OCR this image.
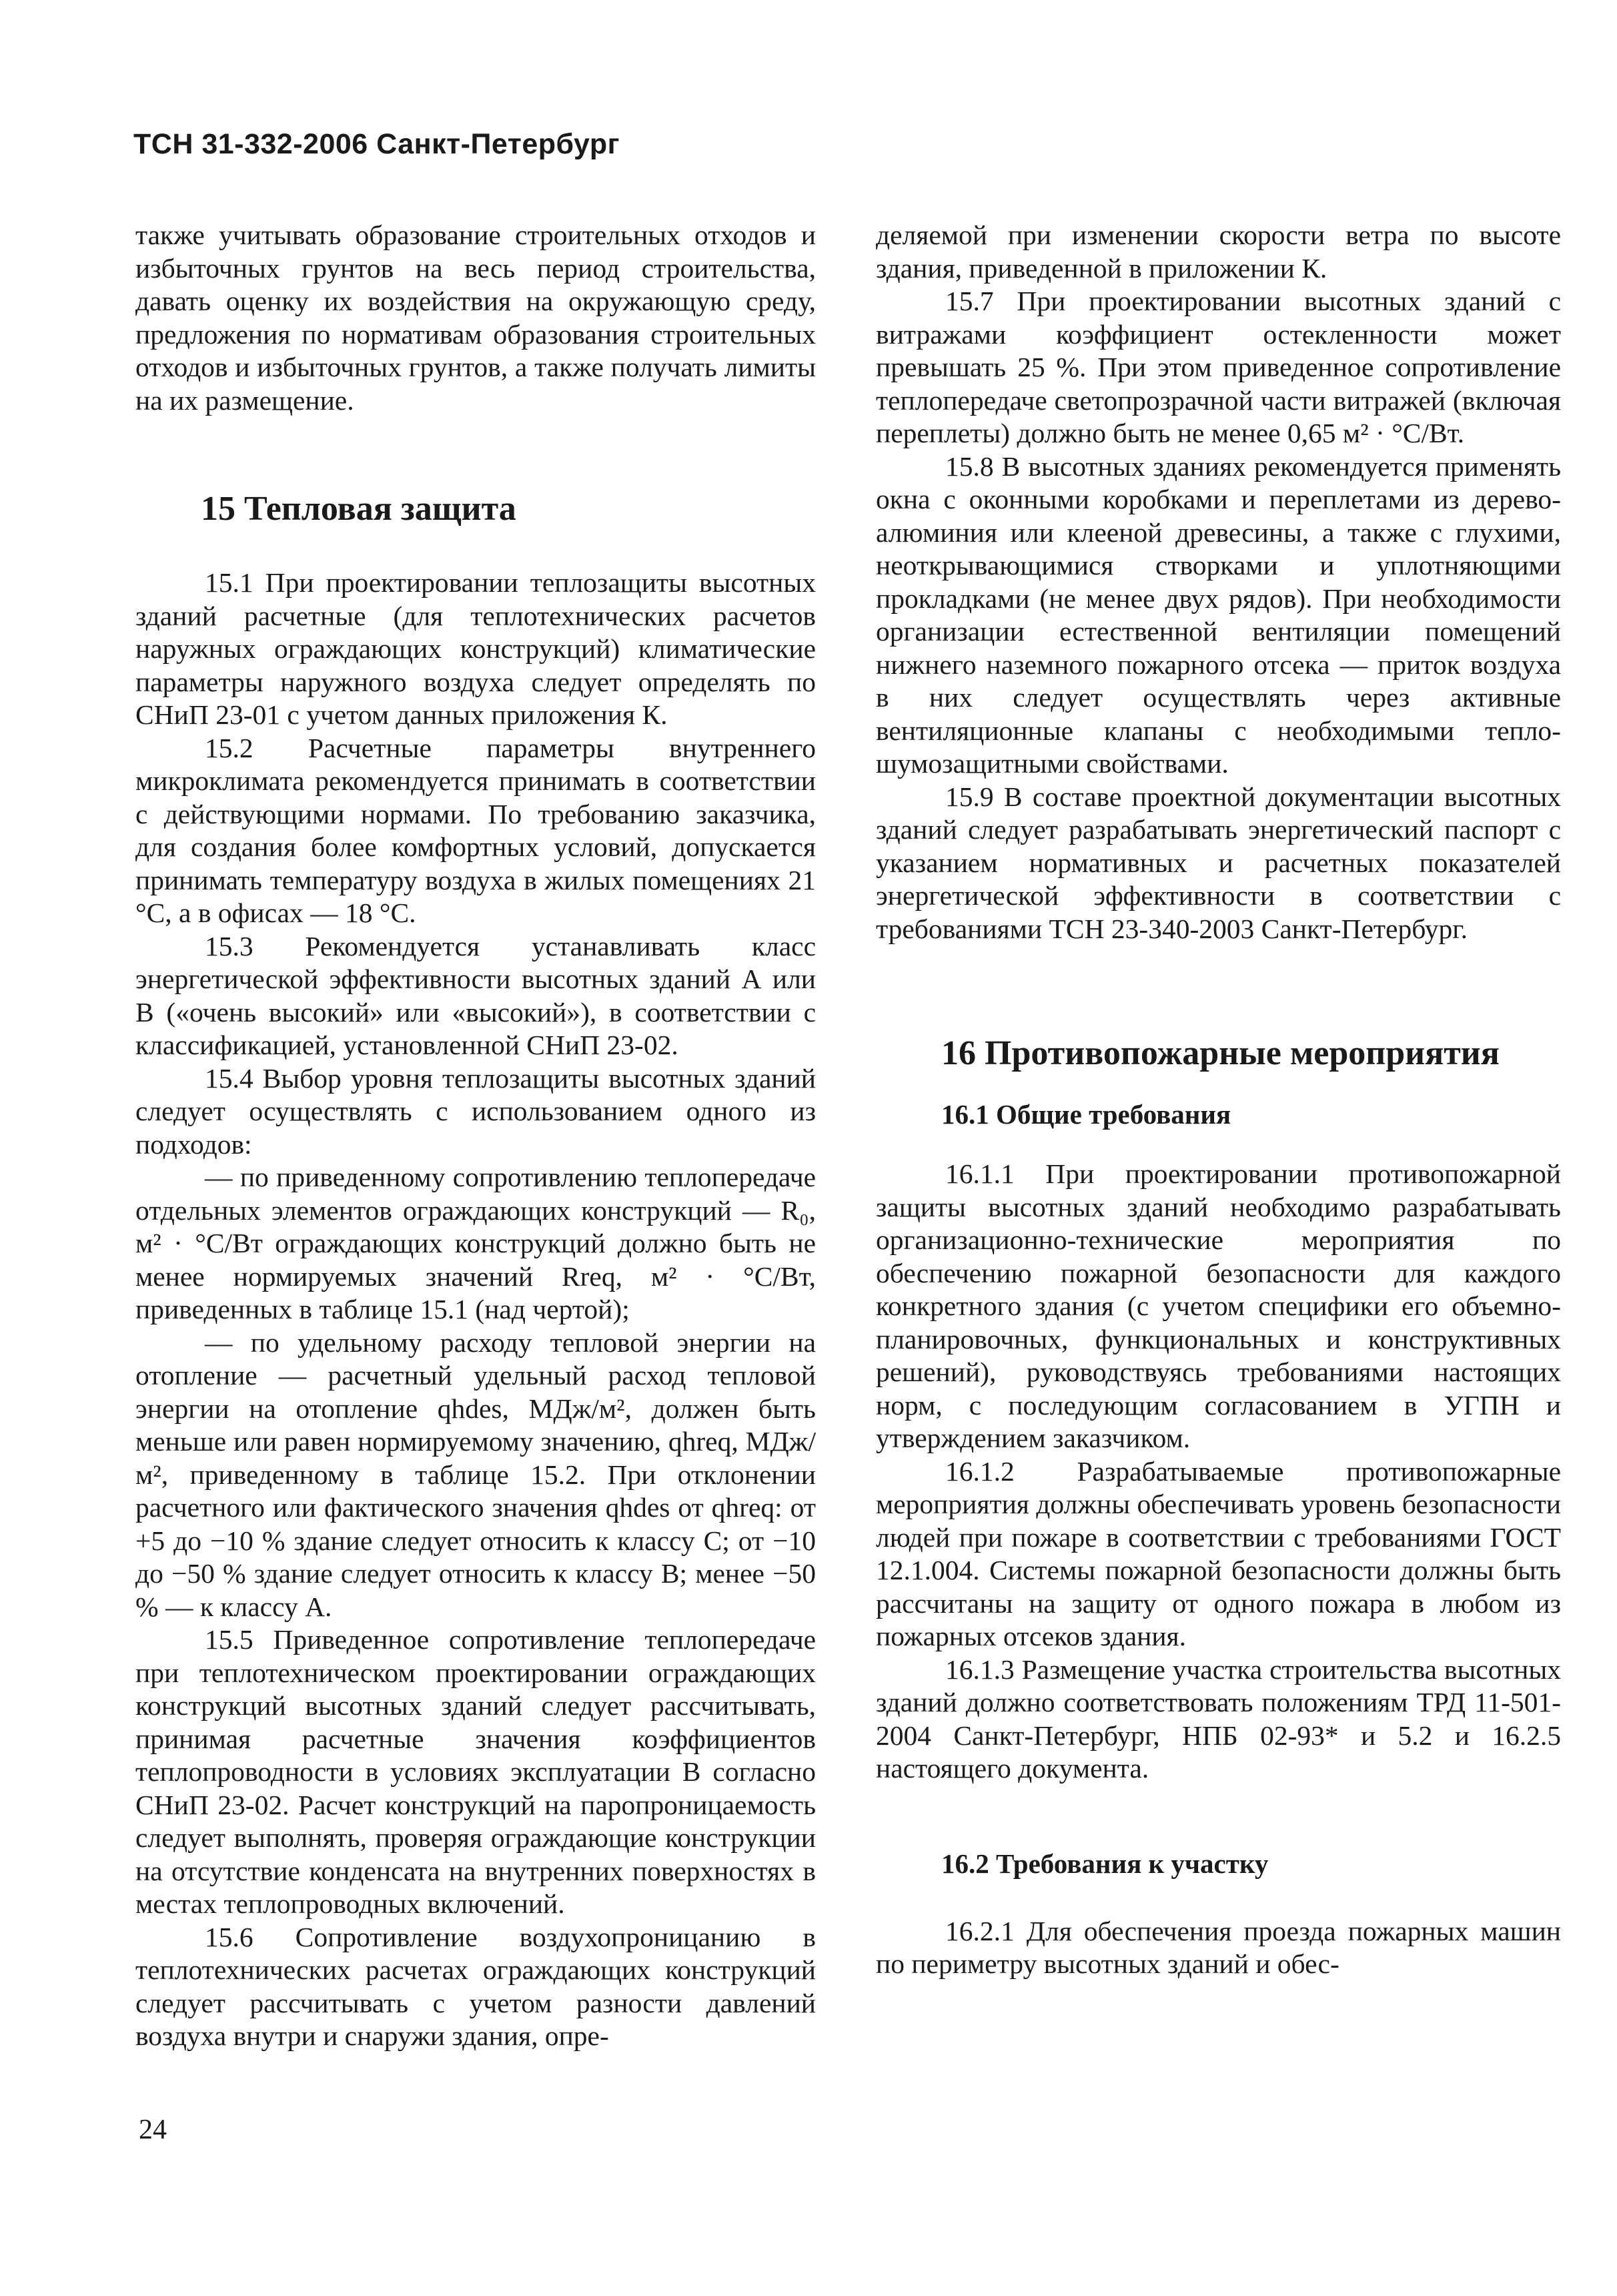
ТСН 31-332-2006 Санкт-Петербург

также учитывать образование строительных отходов и избыточных грунтов на весь период строительства, давать оценку их воздействия на окружающую среду, предложения по нормативам образования строительных отходов и избыточных грунтов, а также получать лимиты на их размещение.

15 Тепловая защита

15.1 При проектировании теплозащиты высотных зданий расчетные (для теплотехнических расчетов наружных ограждающих конструкций) климатические параметры наружного воздуха следует определять по СНиП 23-01 с учетом данных приложения К.

15.2 Расчетные параметры внутреннего микроклимата рекомендуется принимать в соответствии с действующими нормами. По требованию заказчика, для создания более комфортных условий, допускается принимать температуру воздуха в жилых помещениях 21 °С, а в офисах — 18 °С.

15.3 Рекомендуется устанавливать класс энергетической эффективности высотных зданий А или В («очень высокий» или «высокий»), в соответствии с классификацией, установленной СНиП 23-02.

15.4 Выбор уровня теплозащиты высотных зданий следует осуществлять с использованием одного из подходов:

— по приведенному сопротивлению теплопередаче отдельных элементов ограждающих конструкций — R₀, м² · °С/Вт ограждающих конструкций должно быть не менее нормируемых значений Rreq, м² · °С/Вт, приведенных в таблице 15.1 (над чертой);

— по удельному расходу тепловой энергии на отопление — расчетный удельный расход тепловой энергии на отопление qhdes, МДж/м², должен быть меньше или равен нормируемому значению, qhreq, МДж/м², приведенному в таблице 15.2. При отклонении расчетного или фактического значения qhdes от qhreq: от +5 до −10 % здание следует относить к классу С; от −10 до −50 % здание следует относить к классу В; менее −50 % — к классу А.

15.5 Приведенное сопротивление теплопередаче при теплотехническом проектировании ограждающих конструкций высотных зданий следует рассчитывать, принимая расчетные значения коэффициентов теплопроводности в условиях эксплуатации В согласно СНиП 23-02. Расчет конструкций на паропроницаемость следует выполнять, проверяя ограждающие конструкции на отсутствие конденсата на внутренних поверхностях в местах теплопроводных включений.

15.6 Сопротивление воздухопроницанию в теплотехнических расчетах ограждающих конструкций следует рассчитывать с учетом разности давлений воздуха внутри и снаружи здания, опре-

деляемой при изменении скорости ветра по высоте здания, приведенной в приложении К.

15.7 При проектировании высотных зданий с витражами коэффициент остекленности может превышать 25 %. При этом приведенное сопротивление теплопередаче светопрозрачной части витражей (включая переплеты) должно быть не менее 0,65 м² · °С/Вт.

15.8 В высотных зданиях рекомендуется применять окна с оконными коробками и переплетами из дерево-алюминия или клееной древесины, а также с глухими, неоткрывающимися створками и уплотняющими прокладками (не менее двух рядов). При необходимости организации естественной вентиляции помещений нижнего наземного пожарного отсека — приток воздуха в них следует осуществлять через активные вентиляционные клапаны с необходимыми тепло-шумозащитными свойствами.

15.9 В составе проектной документации высотных зданий следует разрабатывать энергетический паспорт с указанием нормативных и расчетных показателей энергетической эффективности в соответствии с требованиями ТСН 23-340-2003 Санкт-Петербург.

16 Противопожарные мероприятия
16.1 Общие требования

16.1.1 При проектировании противопожарной защиты высотных зданий необходимо разрабатывать организационно-технические мероприятия по обеспечению пожарной безопасности для каждого конкретного здания (с учетом специфики его объемно-планировочных, функциональных и конструктивных решений), руководствуясь требованиями настоящих норм, с последующим согласованием в УГПН и утверждением заказчиком.

16.1.2 Разрабатываемые противопожарные мероприятия должны обеспечивать уровень безопасности людей при пожаре в соответствии с требованиями ГОСТ 12.1.004. Системы пожарной безопасности должны быть рассчитаны на защиту от одного пожара в любом из пожарных отсеков здания.

16.1.3 Размещение участка строительства высотных зданий должно соответствовать положениям ТРД 11-501-2004 Санкт-Петербург, НПБ 02-93* и 5.2 и 16.2.5 настоящего документа.

16.2 Требования к участку

16.2.1 Для обеспечения проезда пожарных машин по периметру высотных зданий и обес-

24
